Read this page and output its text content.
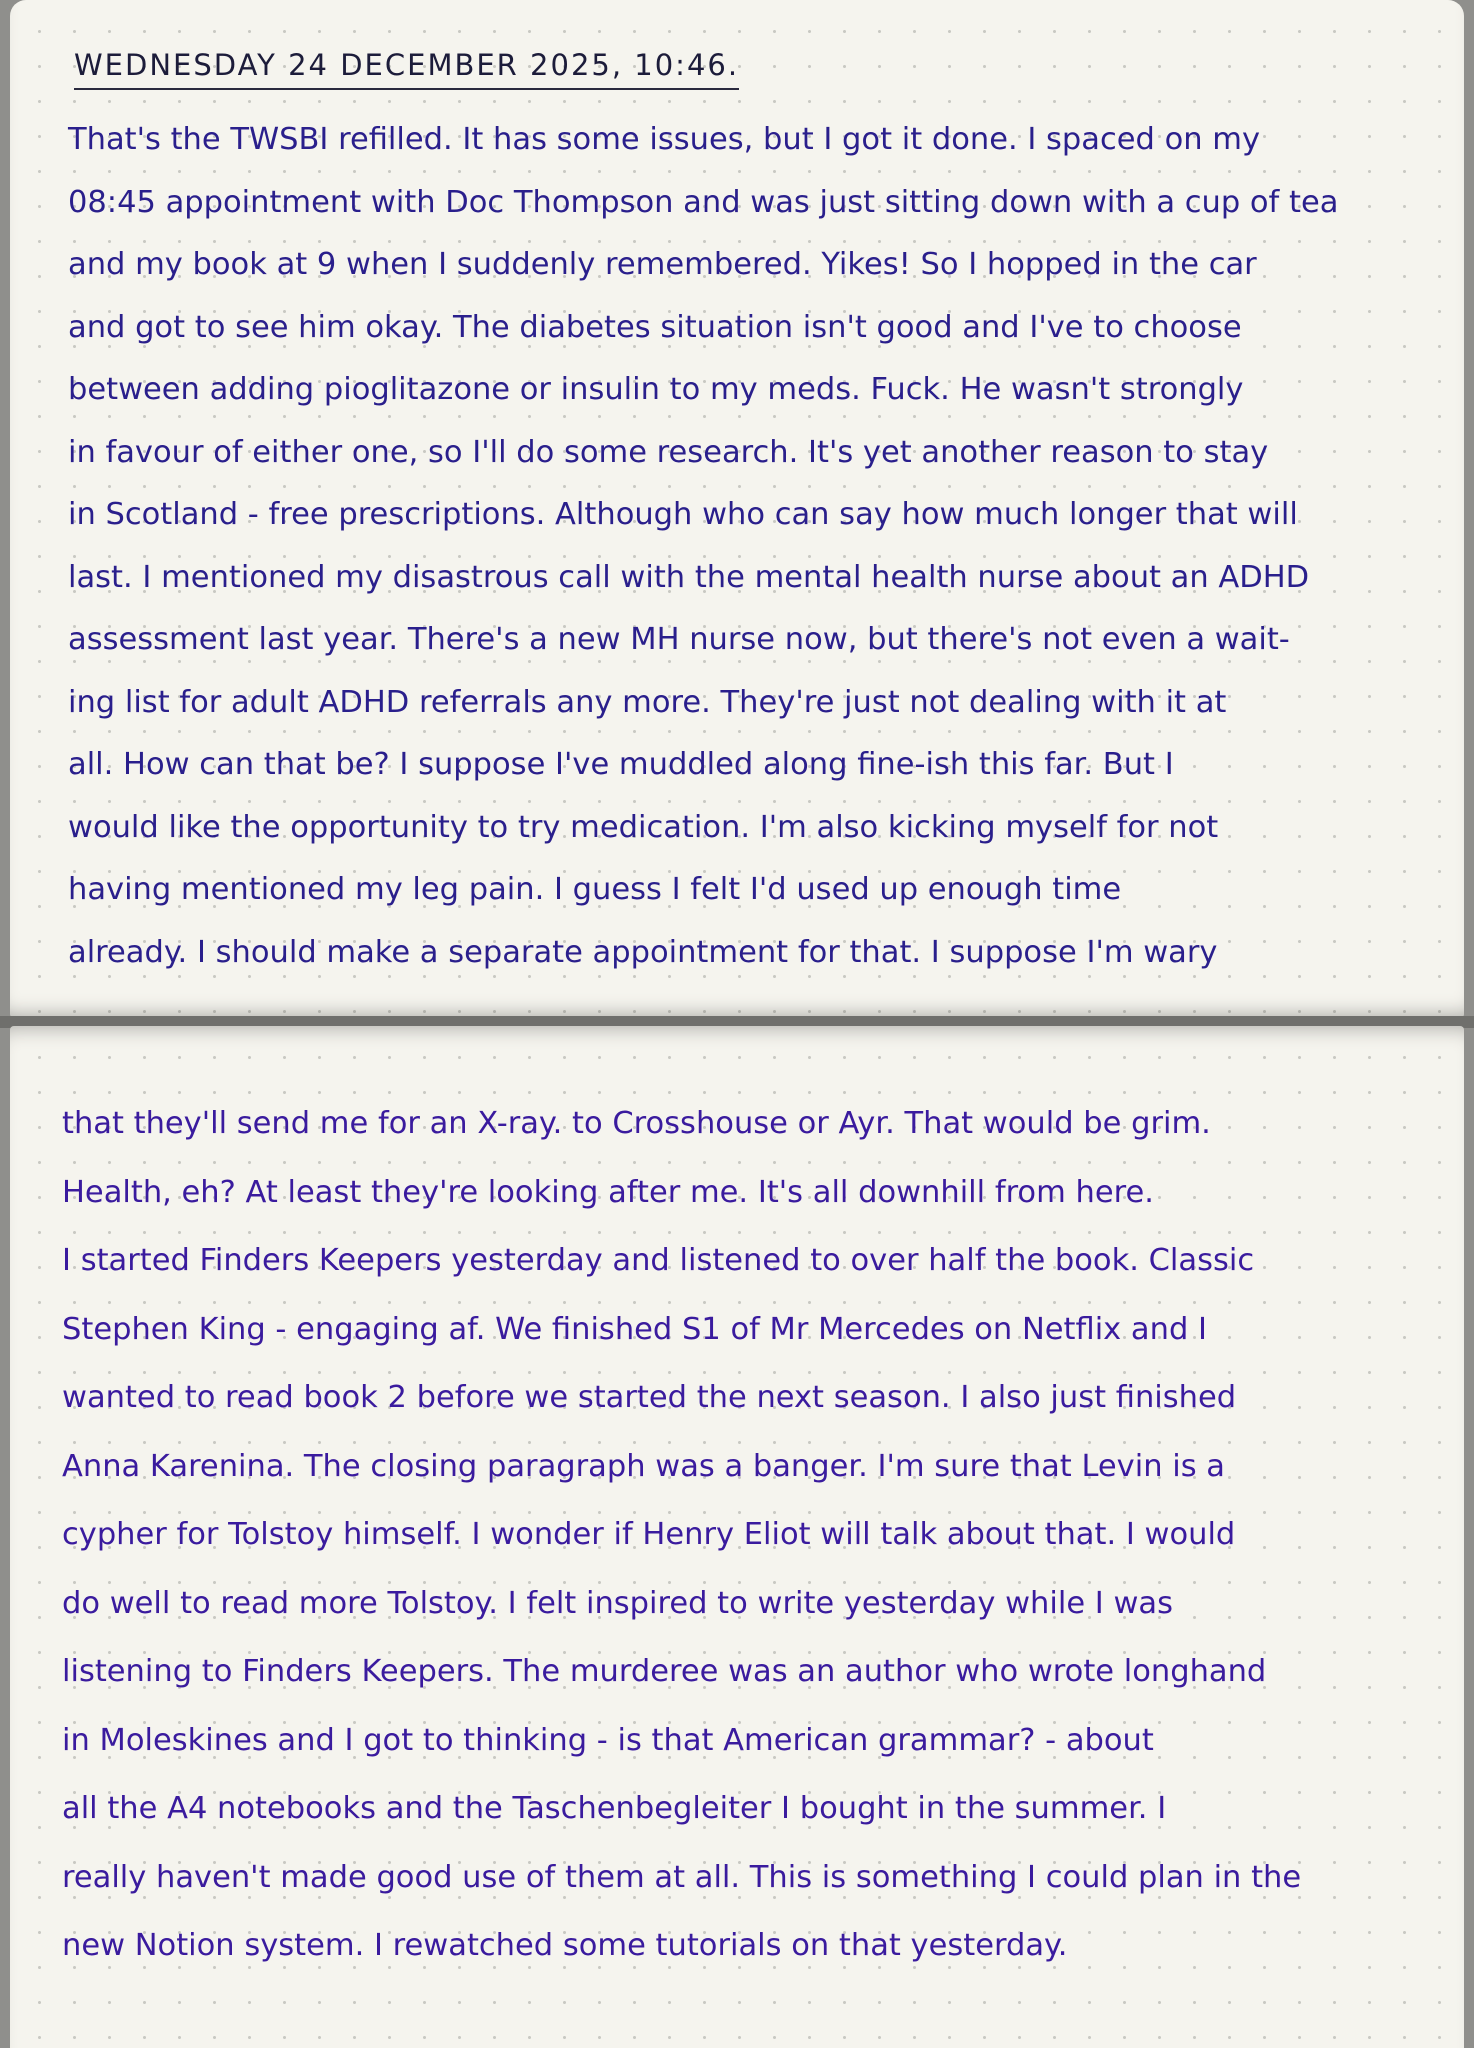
WEDNESDAY 24 DECEMBER 2025, 10:46.
That's the TWSBI refilled. It has some issues, but I got it done. I spaced on my
08:45 appointment with Doc Thompson and was just sitting down with a cup of tea
and my book at 9 when I suddenly remembered. Yikes! So I hopped in the car
and got to see him okay. The diabetes situation isn't good and I've to choose
between adding pioglitazone or insulin to my meds. Fuck. He wasn't strongly
in favour of either one, so I'll do some research. It's yet another reason to stay
in Scotland - free prescriptions. Although who can say how much longer that will
last. I mentioned my disastrous call with the mental health nurse about an ADHD
assessment last year. There's a new MH nurse now, but there's not even a wait-
ing list for adult ADHD referrals any more. They're just not dealing with it at
all. How can that be? I suppose I've muddled along fine-ish this far. But I
would like the opportunity to try medication. I'm also kicking myself for not
having mentioned my leg pain. I guess I felt I'd used up enough time
already. I should make a separate appointment for that. I suppose I'm wary
that they'll send me for an X-ray. to Crosshouse or Ayr. That would be grim.
Health, eh? At least they're looking after me. It's all downhill from here.
I started Finders Keepers yesterday and listened to over half the book. Classic
Stephen King - engaging af. We finished S1 of Mr Mercedes on Netflix and I
wanted to read book 2 before we started the next season. I also just finished
Anna Karenina. The closing paragraph was a banger. I'm sure that Levin is a
cypher for Tolstoy himself. I wonder if Henry Eliot will talk about that. I would
do well to read more Tolstoy. I felt inspired to write yesterday while I was
listening to Finders Keepers. The murderee was an author who wrote longhand
in Moleskines and I got to thinking - is that American grammar? - about
all the A4 notebooks and the Taschenbegleiter I bought in the summer. I
really haven't made good use of them at all. This is something I could plan in the
new Notion system. I rewatched some tutorials on that yesterday.
